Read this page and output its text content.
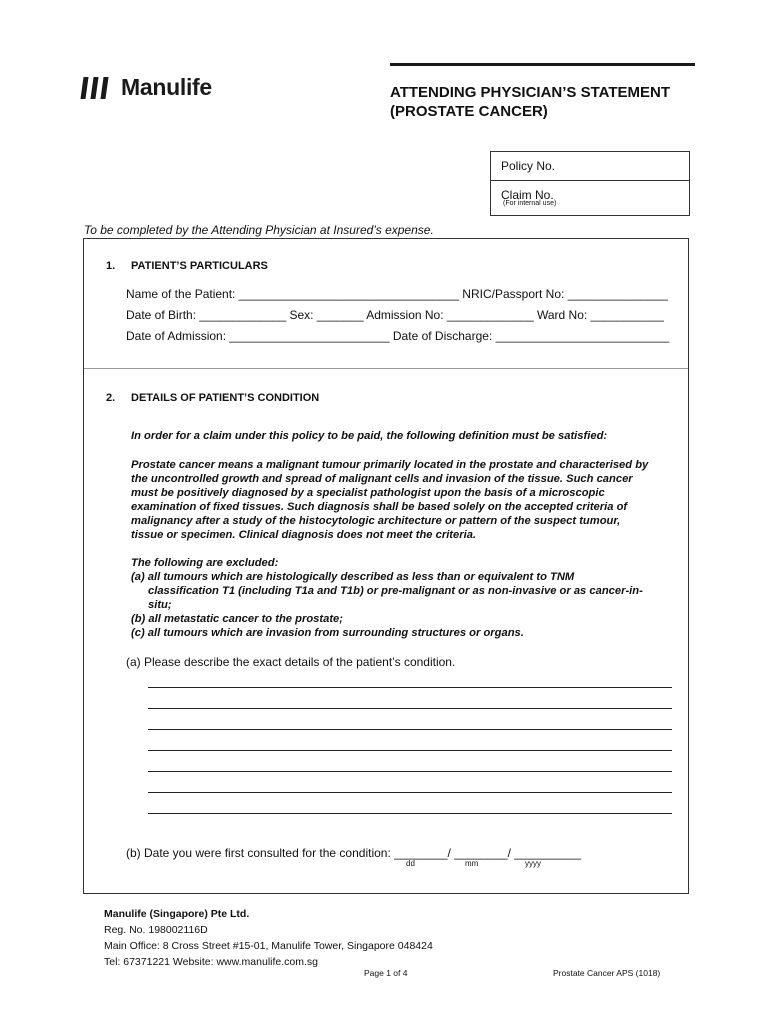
Manulife	ATTENDING PHYSICIAN’S STATEMENT
(PROSTATE CANCER)
Policy No.
Claim No.
(For internal use)
To be completed by the Attending Physician at Insured’s expense.
1. PATIENT’S PARTICULARS
Name of the Patient: _________________________________ NRIC/Passport No: _______________
Date of Birth: _____________ Sex: _______ Admission No: _____________ Ward No: ___________
Date of Admission: ________________________ Date of Discharge: __________________________
2. DETAILS OF PATIENT’S CONDITION
In order for a claim under this policy to be paid, the following definition must be satisfied:
Prostate cancer means a malignant tumour primarily located in the prostate and characterised by
the uncontrolled growth and spread of malignant cells and invasion of the tissue. Such cancer
must be positively diagnosed by a specialist pathologist upon the basis of a microscopic
examination of fixed tissues. Such diagnosis shall be based solely on the accepted criteria of
malignancy after a study of the histocytologic architecture or pattern of the suspect tumour,
tissue or specimen. Clinical diagnosis does not meet the criteria.
The following are excluded:
(a) all tumours which are histologically described as less than or equivalent to TNM
classification T1 (including T1a and T1b) or pre-malignant or as non-invasive or as cancer-in-
situ;
(b) all metastatic cancer to the prostate;
(c) all tumours which are invasion from surrounding structures or organs.
(a) Please describe the exact details of the patient’s condition.
(b) Date you were first consulted for the condition: ________/ ________/ __________
dd	mm	yyyy
Manulife (Singapore) Pte Ltd.
Reg. No. 198002116D
Main Office: 8 Cross Street #15-01, Manulife Tower, Singapore 048424
Tel: 67371221 Website: www.manulife.com.sg
Page 1 of 4	Prostate Cancer APS (1018)
